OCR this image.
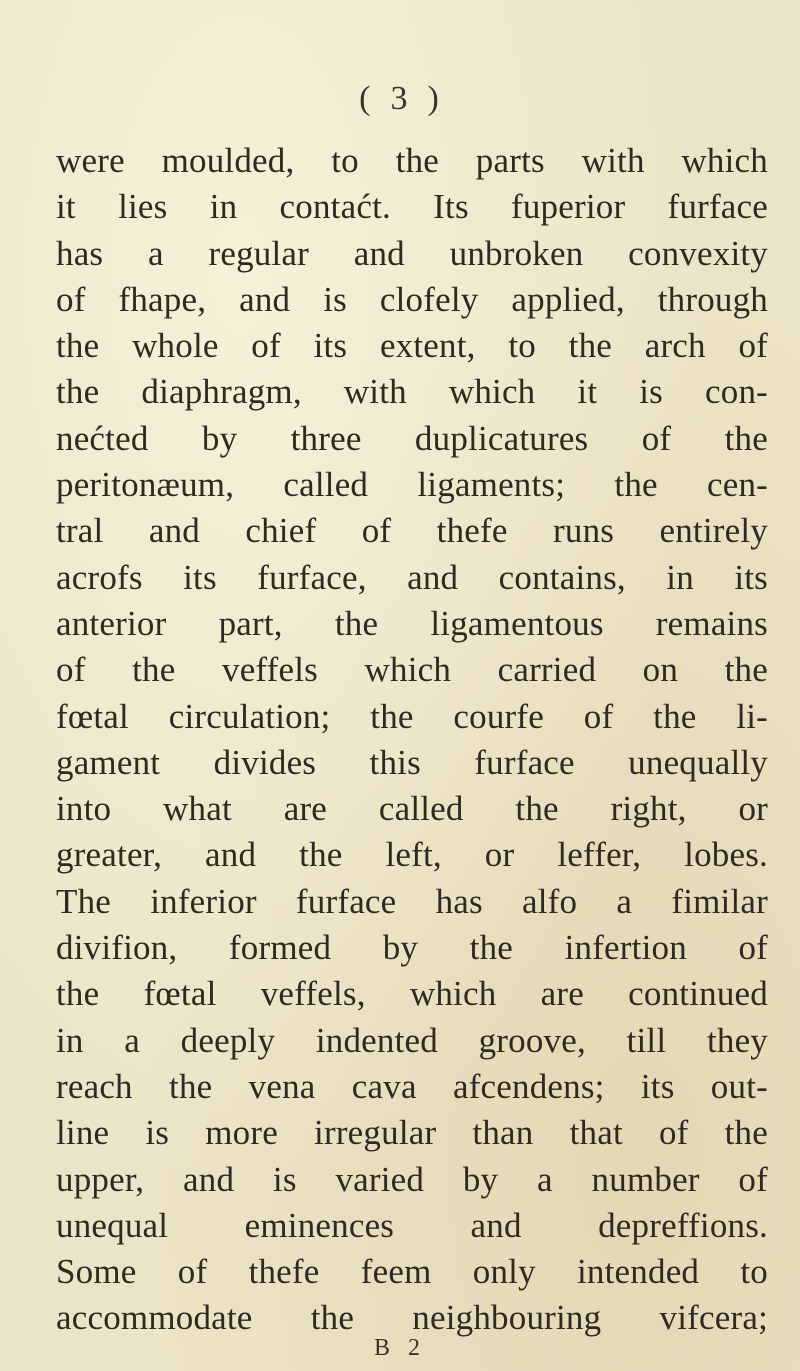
( 3 )
were moulded, to the parts with which
it lies in contaćt. Its fuperior furface
has a regular and unbroken convexity
of fhape, and is clofely applied, through
the whole of its extent, to the arch of
the diaphragm, with which it is con-
nećted by three duplicatures of the
peritonæum, called ligaments; the cen-
tral and chief of thefe runs entirely
acrofs its furface, and contains, in its
anterior part, the ligamentous remains
of the veffels which carried on the
fœtal circulation; the courfe of the li-
gament divides this furface unequally
into what are called the right, or
greater, and the left, or leffer, lobes.
The inferior furface has alfo a fimilar
divifion, formed by the infertion of
the fœtal veffels, which are continued
in a deeply indented groove, till they
reach the vena cava afcendens; its out-
line is more irregular than that of the
upper, and is varied by a number of
unequal eminences and depreffions.
Some of thefe feem only intended to
accommodate the neighbouring vifcera;
B 2
